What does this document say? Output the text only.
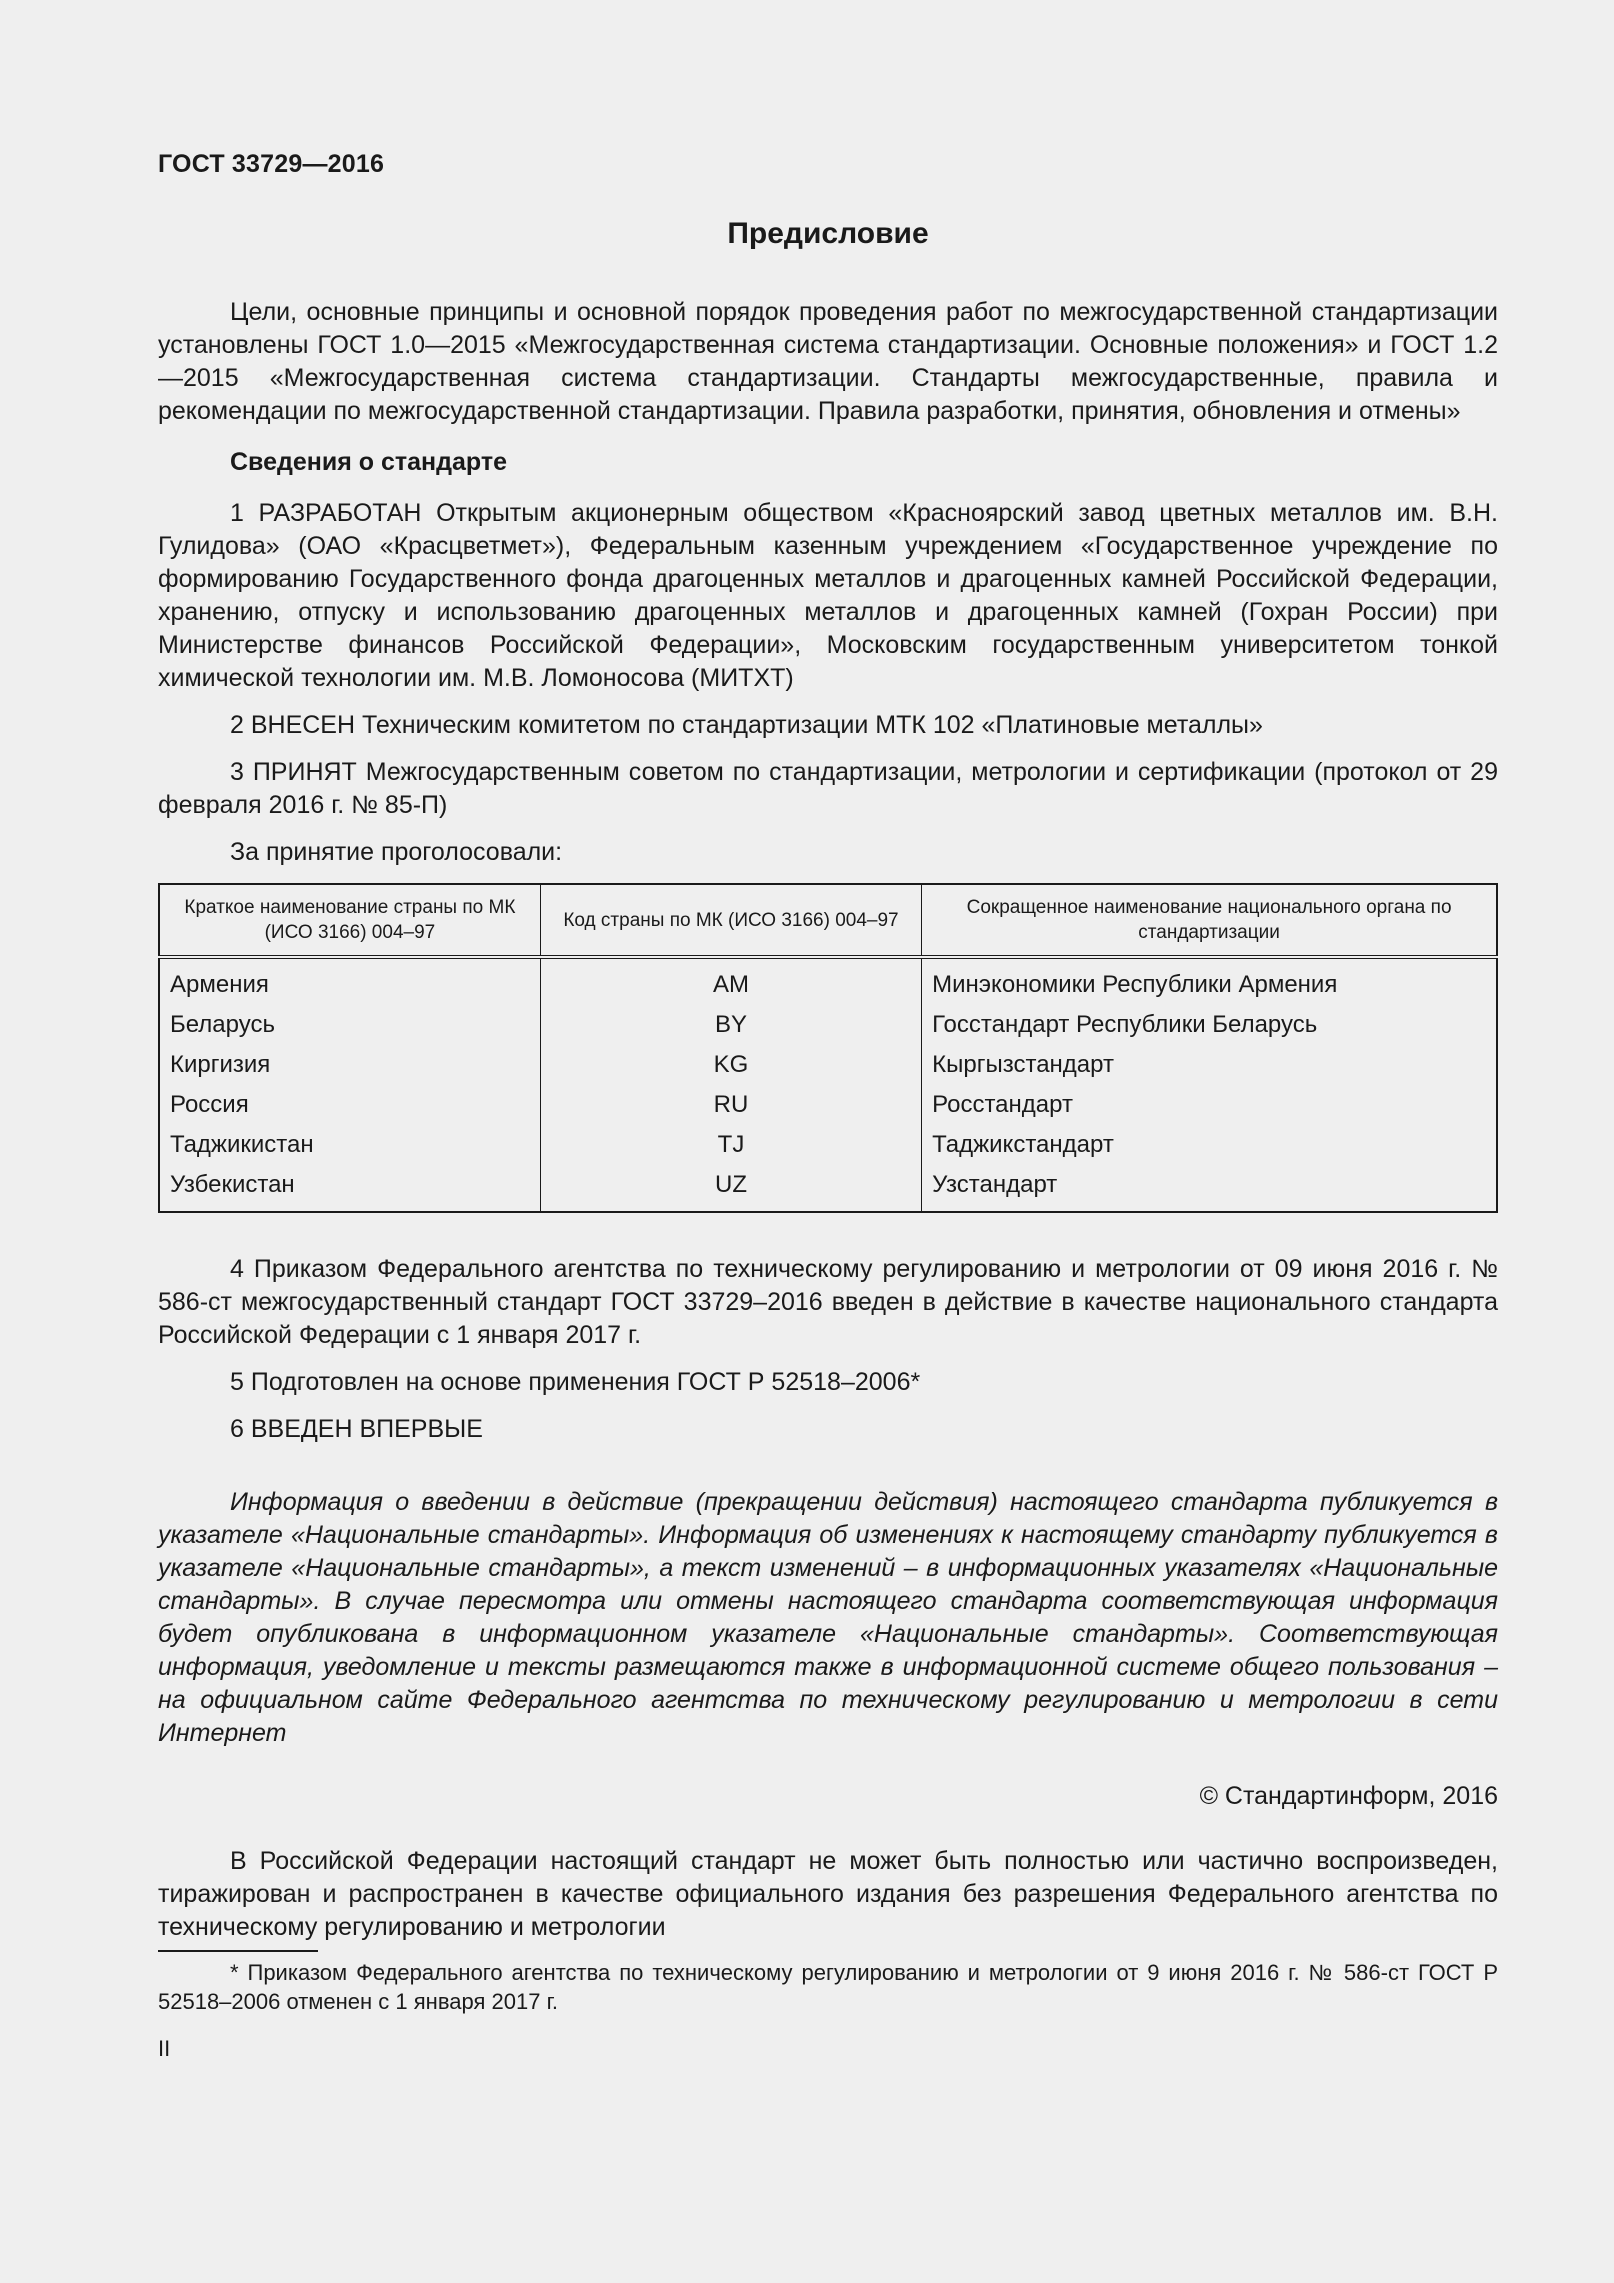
ГОСТ 33729—2016
Предисловие

Цели, основные принципы и основной порядок проведения работ по межгосударственной стандартизации установлены ГОСТ 1.0—2015 «Межгосударственная система стандартизации. Основные положения» и ГОСТ 1.2—2015 «Межгосударственная система стандартизации. Стандарты межгосударственные, правила и рекомендации по межгосударственной стандартизации. Правила разработки, принятия, обновления и отмены»

Сведения о стандарте

1 РАЗРАБОТАН Открытым акционерным обществом «Красноярский завод цветных металлов им. В.Н. Гулидова» (ОАО «Красцветмет»), Федеральным казенным учреждением «Государственное учреждение по формированию Государственного фонда драгоценных металлов и драгоценных камней Российской Федерации, хранению, отпуску и использованию драгоценных металлов и драгоценных камней (Гохран России) при Министерстве финансов Российской Федерации», Московским государственным университетом тонкой химической технологии им. М.В. Ломоносова (МИТХТ)

2 ВНЕСЕН Техническим комитетом по стандартизации МТК 102 «Платиновые металлы»

3 ПРИНЯТ Межгосударственным советом по стандартизации, метрологии и сертификации (протокол от 29 февраля 2016 г. № 85-П)

За принятие проголосовали:

Краткое наименование страны по МК (ИСО 3166) 004–97	Код страны по МК (ИСО 3166) 004–97	Сокращенное наименование национального органа по стандартизации
Армения	AM	Минэкономики Республики Армения
Беларусь	BY	Госстандарт Республики Беларусь
Киргизия	KG	Кыргызстандарт
Россия	RU	Росстандарт
Таджикистан	TJ	Таджикстандарт
Узбекистан	UZ	Узстандарт

4 Приказом Федерального агентства по техническому регулированию и метрологии от 09 июня 2016 г. № 586-ст межгосударственный стандарт ГОСТ 33729–2016 введен в действие в качестве национального стандарта Российской Федерации с 1 января 2017 г.

5 Подготовлен на основе применения ГОСТ Р 52518–2006*

6 ВВЕДЕН ВПЕРВЫЕ

Информация о введении в действие (прекращении действия) настоящего стандарта публикуется в указателе «Национальные стандарты». Информация об изменениях к настоящему стандарту публикуется в указателе «Национальные стандарты», а текст изменений – в информационных указателях «Национальные стандарты». В случае пересмотра или отмены настоящего стандарта соответствующая информация будет опубликована в информационном указателе «Национальные стандарты». Соответствующая информация, уведомление и тексты размещаются также в информационной системе общего пользования – на официальном сайте Федерального агентства по техническому регулированию и метрологии в сети Интернет

© Стандартинформ, 2016

В Российской Федерации настоящий стандарт не может быть полностью или частично воспроизведен, тиражирован и распространен в качестве официального издания без разрешения Федерального агентства по техническому регулированию и метрологии

* Приказом Федерального агентства по техническому регулированию и метрологии от 9 июня 2016 г. № 586-ст ГОСТ Р 52518–2006 отменен с 1 января 2017 г.

II
